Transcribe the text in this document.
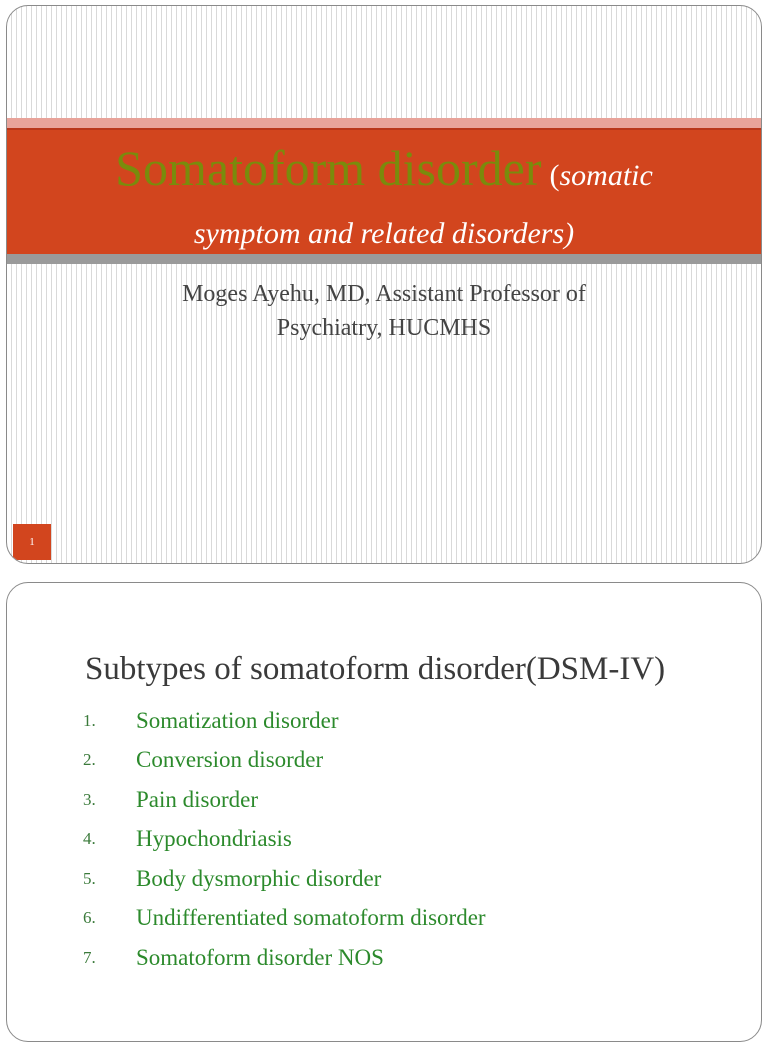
Somatoform disorder (somatic
symptom and related disorders)
Moges Ayehu, MD, Assistant Professor of
Psychiatry, HUCMHS
1
Subtypes of somatoform disorder(DSM-IV)
1.	Somatization disorder
2.	Conversion disorder
3.	Pain disorder
4.	Hypochondriasis
5.	Body dysmorphic disorder
6.	Undifferentiated somatoform disorder
7.	Somatoform disorder NOS
